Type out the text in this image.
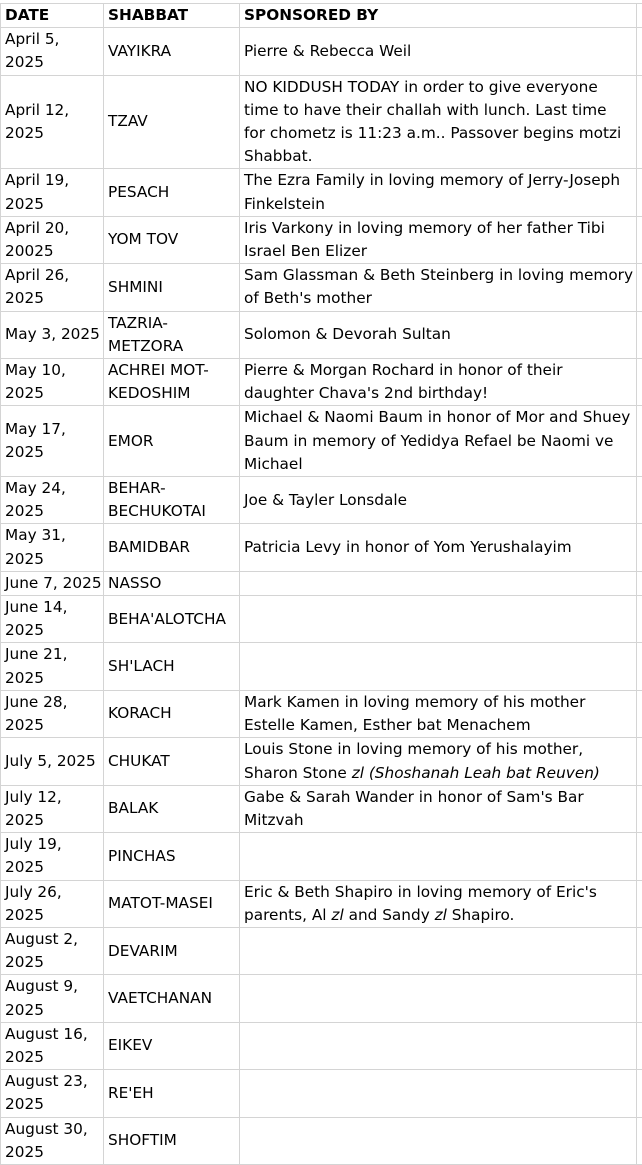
DATE	SHABBAT	SPONSORED BY	
April 5, 2025	VAYIKRA	Pierre & Rebecca Weil	
April 12, 2025	TZAV	NO KIDDUSH TODAY in order to give everyone time to have their challah with lunch. Last time
for chometz is 11:23 a.m.. Passover begins motzi Shabbat.	
April 19, 2025	PESACH	The Ezra Family in loving memory of Jerry-Joseph Finkelstein	
April 20, 20025	YOM TOV	Iris Varkony in loving memory of her father Tibi Israel Ben Elizer	
April 26, 2025	SHMINI	Sam Glassman & Beth Steinberg in loving memory of Beth's mother	
May 3, 2025	TAZRIA-METZORA	Solomon & Devorah Sultan	
May 10, 2025	ACHREI MOT-KEDOSHIM	Pierre & Morgan Rochard in honor of their daughter Chava's 2nd birthday!	
May 17, 2025	EMOR	Michael & Naomi Baum in honor of Mor and Shuey Baum in memory of Yedidya Refael be Naomi ve Michael	
May 24, 2025	BEHAR-BECHUKOTAI	Joe & Tayler Lonsdale	
May 31, 2025	BAMIDBAR	Patricia Levy in honor of Yom Yerushalayim	
June 7, 2025	NASSO		
June 14, 2025	BEHA'ALOTCHA		
June 21, 2025	SH'LACH		
June 28, 2025	KORACH	Mark Kamen in loving memory of his mother Estelle Kamen, Esther bat Menachem	
July 5, 2025	CHUKAT	Louis Stone in loving memory of his mother, Sharon Stone zl (Shoshanah Leah bat Reuven)	
July 12, 2025	BALAK	Gabe & Sarah Wander in honor of Sam's Bar Mitzvah	
July 19, 2025	PINCHAS		
July 26, 2025	MATOT-MASEI	Eric & Beth Shapiro in loving memory of Eric's parents, Al zl and Sandy zl Shapiro.	
August 2, 2025	DEVARIM		
August 9, 2025	VAETCHANAN		
August 16, 2025	EIKEV		
August 23, 2025	RE'EH		
August 30, 2025	SHOFTIM		
